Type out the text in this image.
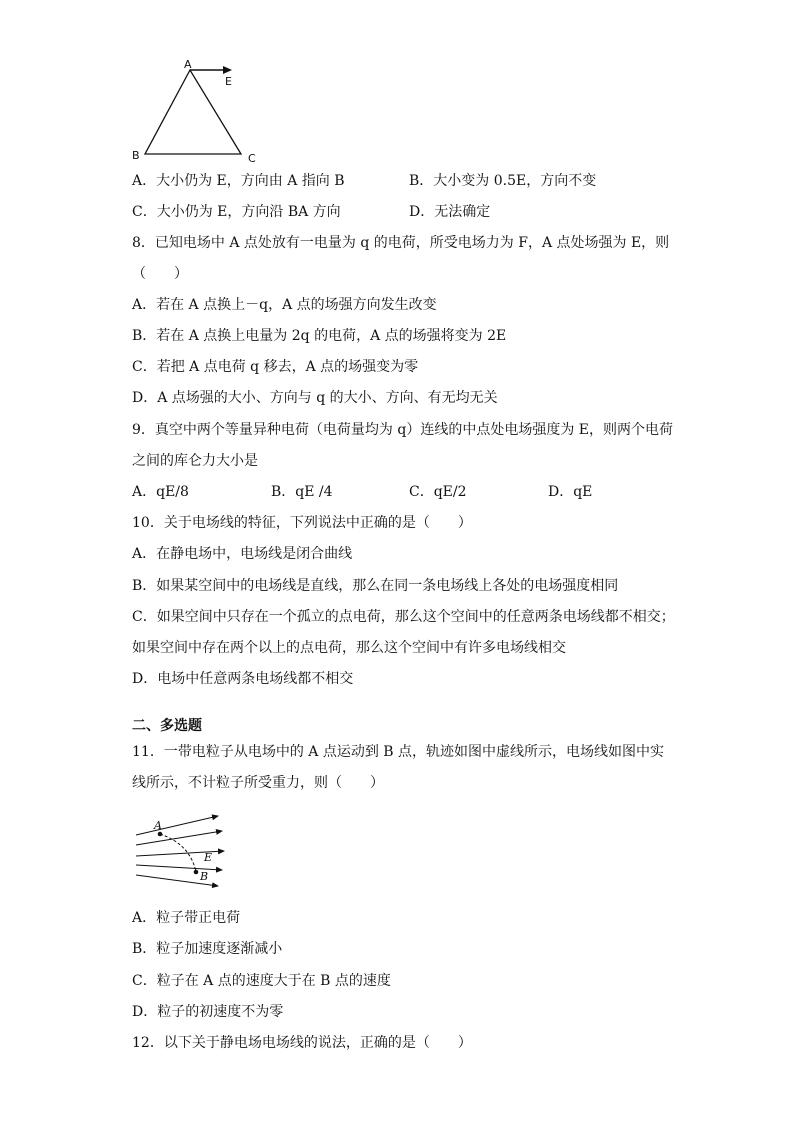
A
E
B	C
A．大小仍为 E，方向由 A 指向 B	B．大小变为 0.5E，方向不变
C．大小仍为 E，方向沿 BA 方向	D．无法确定
8．已知电场中 A 点处放有一电量为 q 的电荷，所受电场力为 F，A 点处场强为 E，则
（　　）
A．若在 A 点换上－q，A 点的场强方向发生改变
B．若在 A 点换上电量为 2q 的电荷，A 点的场强将变为 2E
C．若把 A 点电荷 q 移去，A 点的场强变为零
D．A 点场强的大小、方向与 q 的大小、方向、有无均无关
9．真空中两个等量异种电荷（电荷量均为 q）连线的中点处电场强度为 E，则两个电荷
之间的库仑力大小是
A．qE/8	B．qE /4	C．qE/2	D．qE
10．关于电场线的特征，下列说法中正确的是（　　）
A．在静电场中，电场线是闭合曲线
B．如果某空间中的电场线是直线，那么在同一条电场线上各处的电场强度相同
C．如果空间中只存在一个孤立的点电荷，那么这个空间中的任意两条电场线都不相交；
如果空间中存在两个以上的点电荷，那么这个空间中有许多电场线相交
D．电场中任意两条电场线都不相交
二、多选题
11．一带电粒子从电场中的 A 点运动到 B 点，轨迹如图中虚线所示，电场线如图中实
线所示，不计粒子所受重力，则（　　）
A
E
B
A．粒子带正电荷
B．粒子加速度逐渐减小
C．粒子在 A 点的速度大于在 B 点的速度
D．粒子的初速度不为零
12．以下关于静电场电场线的说法，正确的是（　　）
